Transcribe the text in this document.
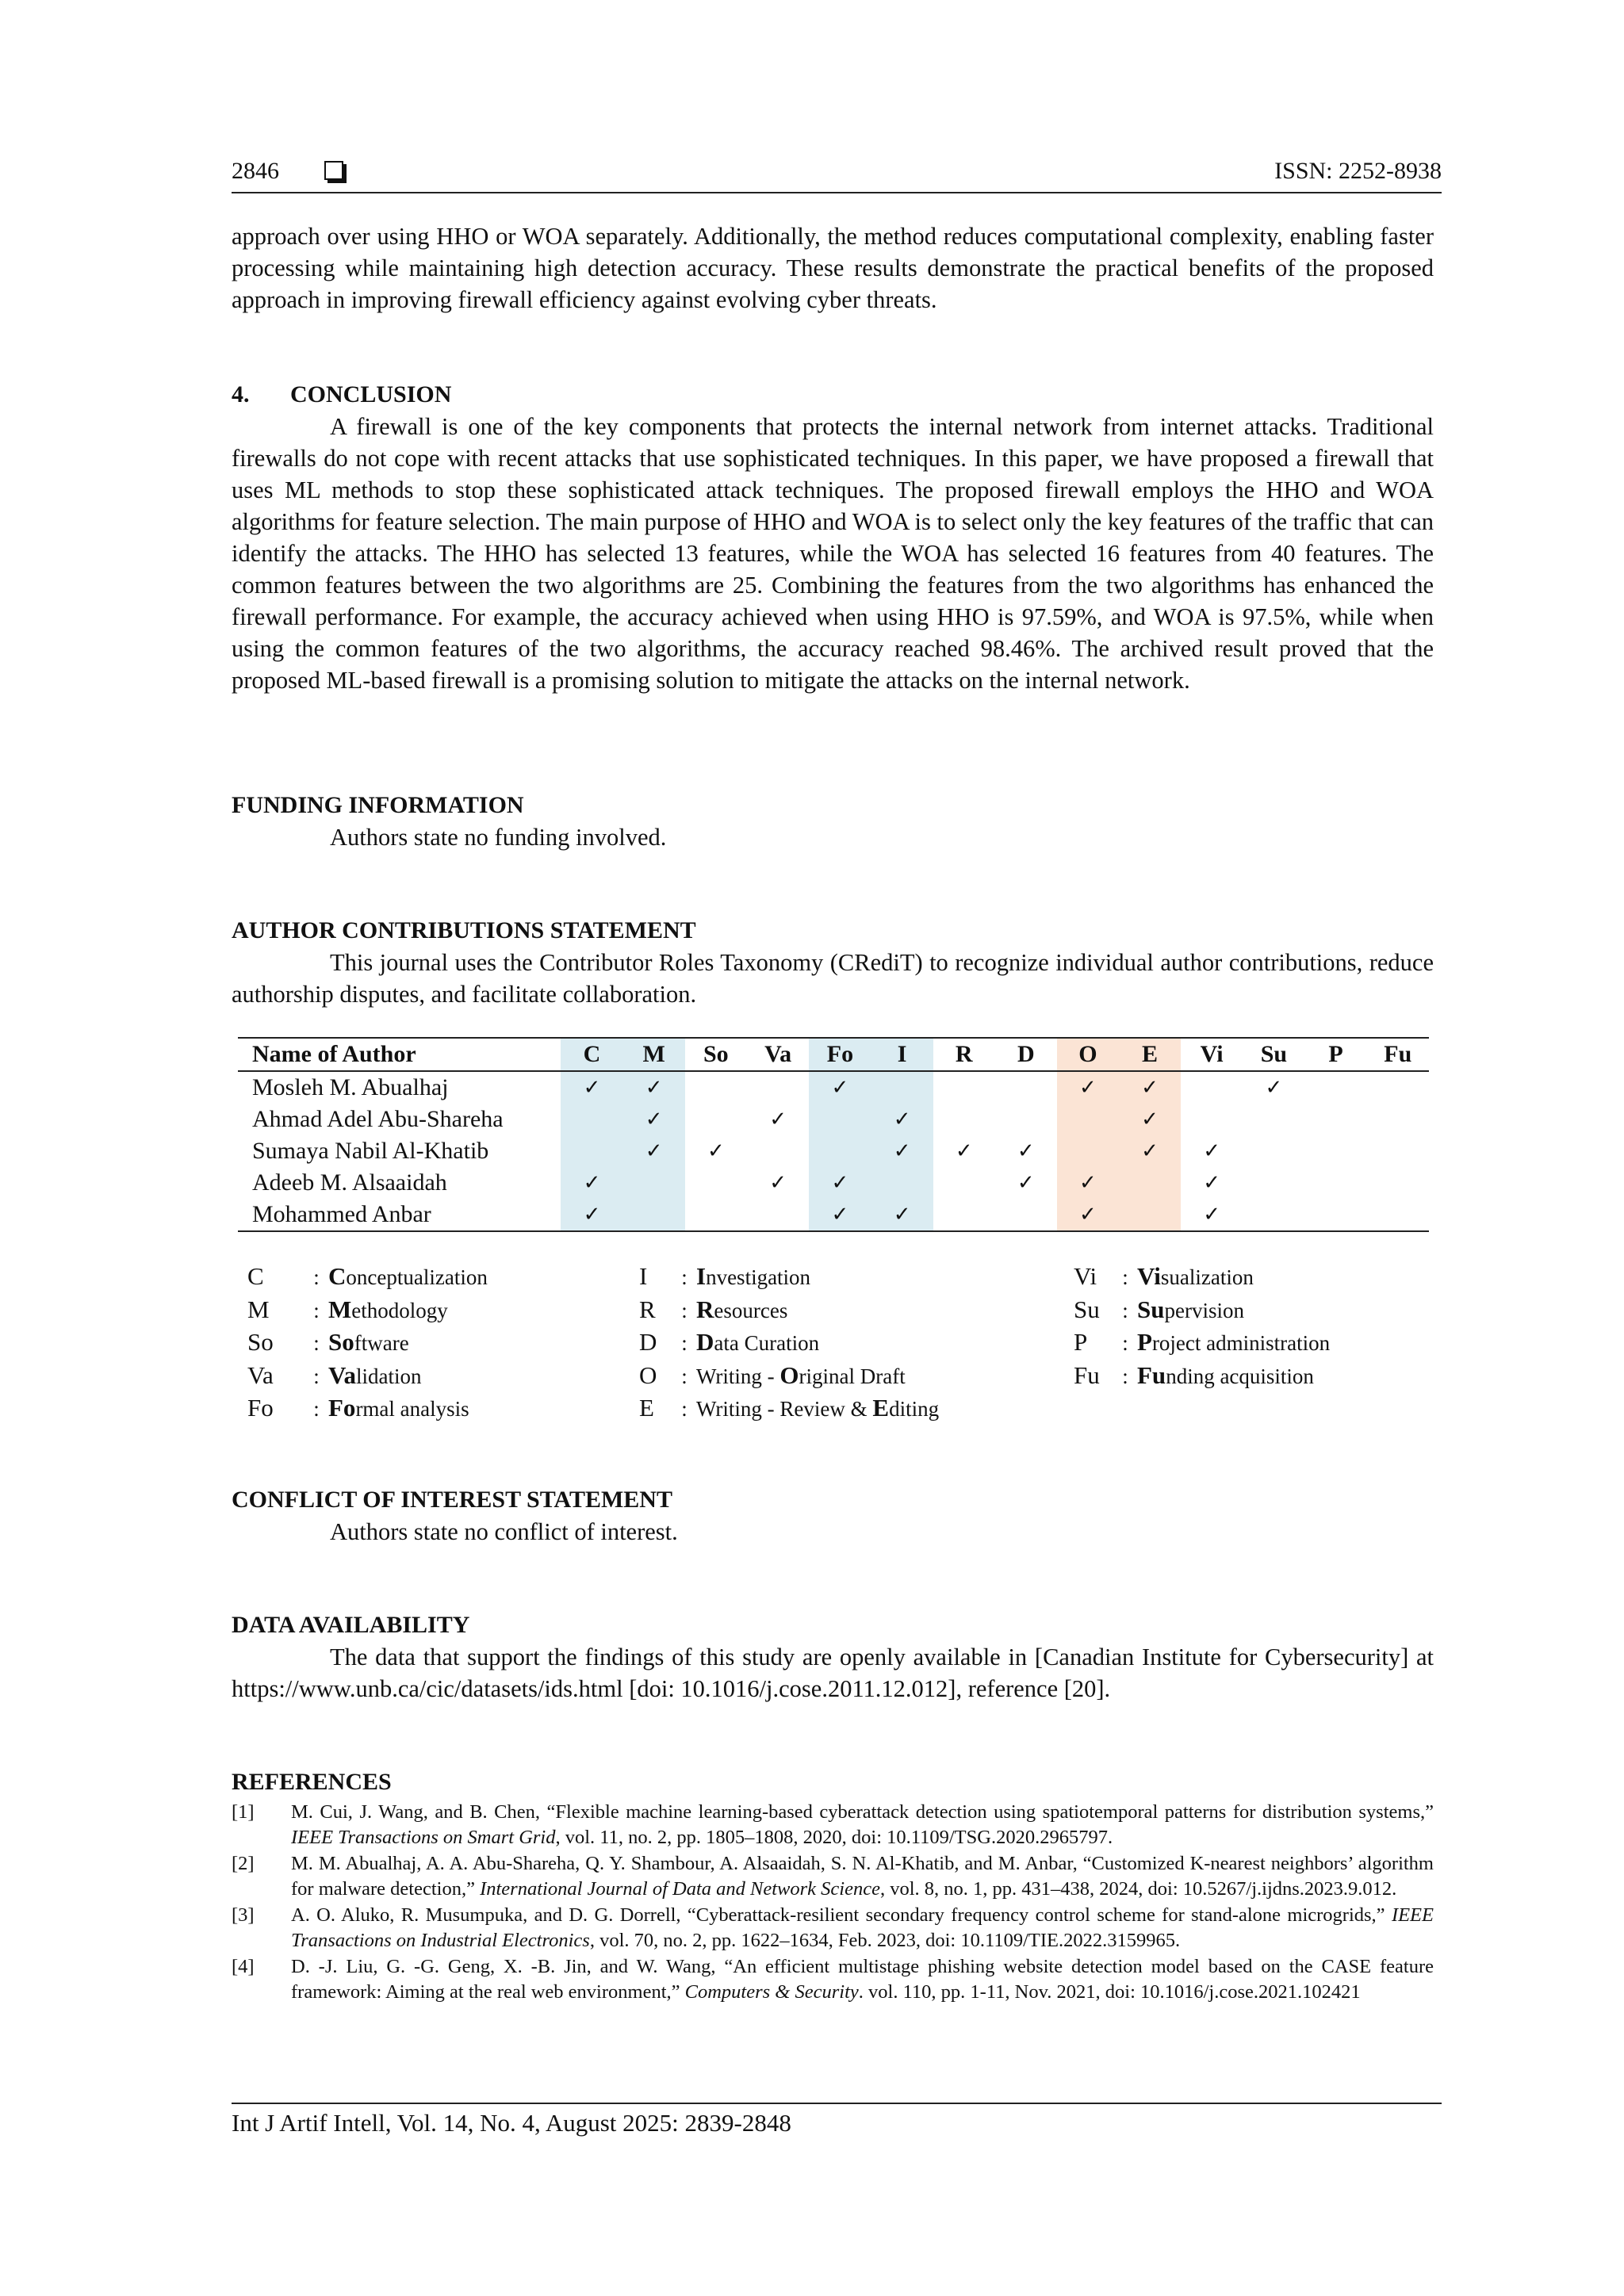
2846	ISSN: 2252-8938

approach over using HHO or WOA separately. Additionally, the method reduces computational complexity, enabling faster processing while maintaining high detection accuracy. These results demonstrate the practical benefits of the proposed approach in improving firewall efficiency against evolving cyber threats.

4. CONCLUSION

A firewall is one of the key components that protects the internal network from internet attacks. Traditional firewalls do not cope with recent attacks that use sophisticated techniques. In this paper, we have proposed a firewall that uses ML methods to stop these sophisticated attack techniques. The proposed firewall employs the HHO and WOA algorithms for feature selection. The main purpose of HHO and WOA is to select only the key features of the traffic that can identify the attacks. The HHO has selected 13 features, while the WOA has selected 16 features from 40 features. The common features between the two algorithms are 25. Combining the features from the two algorithms has enhanced the firewall performance. For example, the accuracy achieved when using HHO is 97.59%, and WOA is 97.5%, while when using the common features of the two algorithms, the accuracy reached 98.46%. The archived result proved that the proposed ML-based firewall is a promising solution to mitigate the attacks on the internal network.

FUNDING INFORMATION

Authors state no funding involved.

AUTHOR CONTRIBUTIONS STATEMENT

This journal uses the Contributor Roles Taxonomy (CRediT) to recognize individual author contributions, reduce authorship disputes, and facilitate collaboration.

Name of Author	C	M	So	Va	Fo	I	R	D	O	E	Vi	Su	P	Fu
Mosleh M. Abualhaj	✓	✓			✓				✓	✓		✓		
Ahmad Adel Abu-Shareha		✓		✓		✓				✓				
Sumaya Nabil Al-Khatib		✓	✓			✓	✓	✓		✓	✓			
Adeeb M. Alsaaidah	✓			✓	✓			✓	✓		✓			
Mohammed Anbar	✓				✓	✓			✓		✓			
C : Conceptualization
M : Methodology
So : Software
Va : Validation
Fo : Formal analysis
I : Investigation
R : Resources
D : Data Curation
O : Writing - Original Draft
E : Writing - Review & Editing
Vi : Visualization
Su : Supervision
P : Project administration
Fu : Funding acquisition
CONFLICT OF INTEREST STATEMENT

Authors state no conflict of interest.

DATA AVAILABILITY

The data that support the findings of this study are openly available in [Canadian Institute for Cybersecurity] at https://www.unb.ca/cic/datasets/ids.html [doi: 10.1016/j.cose.2011.12.012], reference [20].

REFERENCES
[1]	M. Cui, J. Wang, and B. Chen, “Flexible machine learning-based cyberattack detection using spatiotemporal patterns for distribution systems,” IEEE Transactions on Smart Grid, vol. 11, no. 2, pp. 1805–1808, 2020, doi: 10.1109/TSG.2020.2965797.
[2]	M. M. Abualhaj, A. A. Abu-Shareha, Q. Y. Shambour, A. Alsaaidah, S. N. Al-Khatib, and M. Anbar, “Customized K-nearest neighbors’ algorithm for malware detection,” International Journal of Data and Network Science, vol. 8, no. 1, pp. 431–438, 2024, doi: 10.5267/j.ijdns.2023.9.012.
[3]	A. O. Aluko, R. Musumpuka, and D. G. Dorrell, “Cyberattack-resilient secondary frequency control scheme for stand-alone microgrids,” IEEE Transactions on Industrial Electronics, vol. 70, no. 2, pp. 1622–1634, Feb. 2023, doi: 10.1109/TIE.2022.3159965.
[4]	D. -J. Liu, G. -G. Geng, X. -B. Jin, and W. Wang, “An efficient multistage phishing website detection model based on the CASE feature framework: Aiming at the real web environment,” Computers & Security. vol. 110, pp. 1-11, Nov. 2021, doi: 10.1016/j.cose.2021.102421
Int J Artif Intell, Vol. 14, No. 4, August 2025: 2839-2848
